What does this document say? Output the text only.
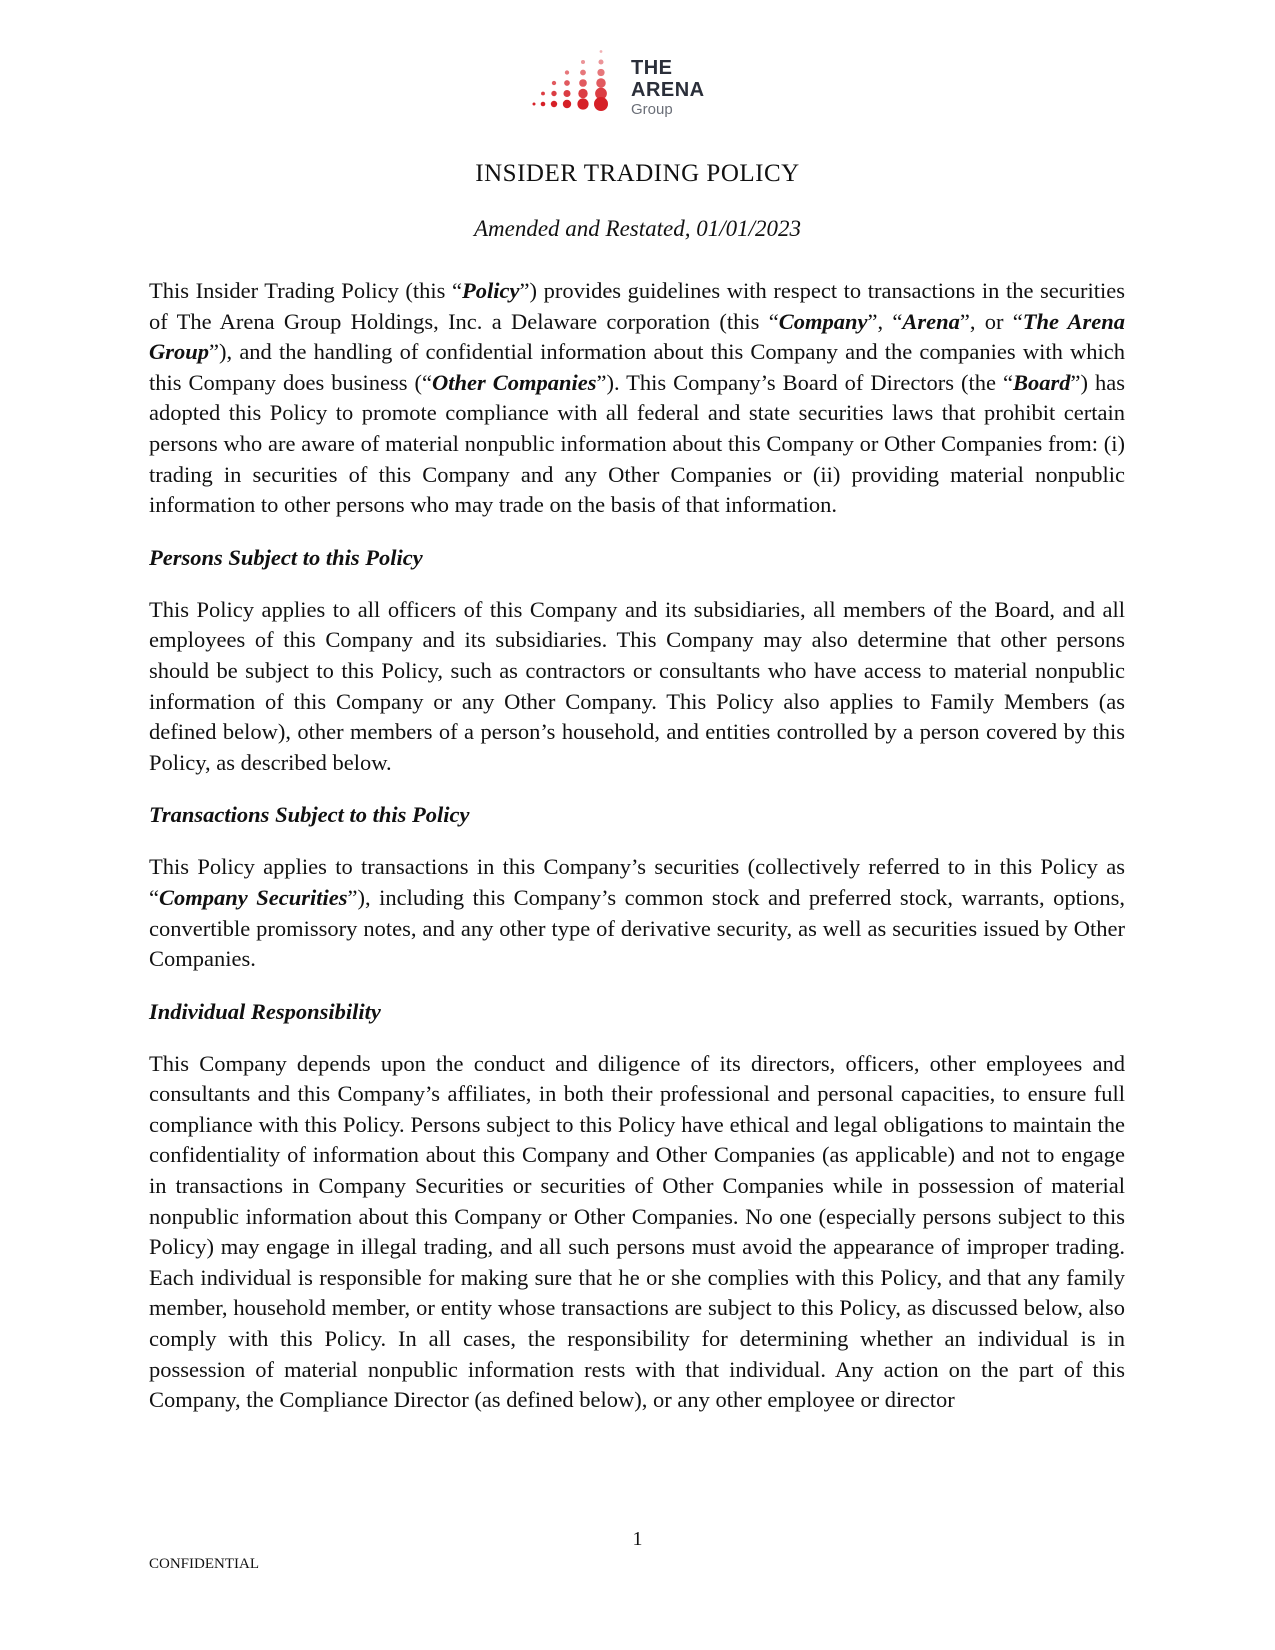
THE
ARENA
Group
INSIDER TRADING POLICY
Amended and Restated, 01/01/2023

This Insider Trading Policy (this “Policy”) provides guidelines with respect to transactions in the securities of The Arena Group Holdings, Inc. a Delaware corporation (this “Company”, “Arena”, or “The Arena Group”), and the handling of confidential information about this Company and the companies with which this Company does business (“Other Companies”). This Company’s Board of Directors (the “Board”) has adopted this Policy to promote compliance with all federal and state securities laws that prohibit certain persons who are aware of material nonpublic information about this Company or Other Companies from: (i) trading in securities of this Company and any Other Companies or (ii) providing material nonpublic information to other persons who may trade on the basis of that information.

Persons Subject to this Policy

This Policy applies to all officers of this Company and its subsidiaries, all members of the Board, and all employees of this Company and its subsidiaries. This Company may also determine that other persons should be subject to this Policy, such as contractors or consultants who have access to material nonpublic information of this Company or any Other Company. This Policy also applies to Family Members (as defined below), other members of a person’s household, and entities controlled by a person covered by this Policy, as described below.

Transactions Subject to this Policy

This Policy applies to transactions in this Company’s securities (collectively referred to in this Policy as “Company Securities”), including this Company’s common stock and preferred stock, warrants, options, convertible promissory notes, and any other type of derivative security, as well as securities issued by Other Companies.

Individual Responsibility

This Company depends upon the conduct and diligence of its directors, officers, other employees and consultants and this Company’s affiliates, in both their professional and personal capacities, to ensure full compliance with this Policy. Persons subject to this Policy have ethical and legal obligations to maintain the confidentiality of information about this Company and Other Companies (as applicable) and not to engage in transactions in Company Securities or securities of Other Companies while in possession of material nonpublic information about this Company or Other Companies. No one (especially persons subject to this Policy) may engage in illegal trading, and all such persons must avoid the appearance of improper trading. Each individual is responsible for making sure that he or she complies with this Policy, and that any family member, household member, or entity whose transactions are subject to this Policy, as discussed below, also comply with this Policy. In all cases, the responsibility for determining whether an individual is in possession of material nonpublic information rests with that individual. Any action on the part of this Company, the Compliance Director (as defined below), or any other employee or director

1
CONFIDENTIAL
